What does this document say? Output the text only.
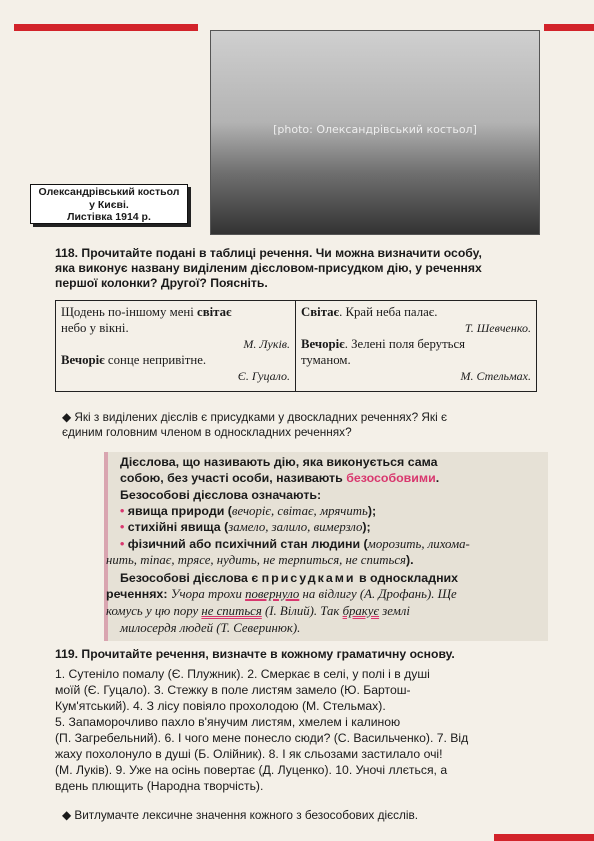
[photo: Олександрівський костьол]
Олександрівський костьол
у Києві.
Листівка 1914 р.
118. Прочитайте подані в таблиці речення. Чи можна визначити особу,
яка виконує названу виділеним дієсловом-присудком дію, у реченнях
першої колонки? Другої? Поясніть.
Щодень по-іншому мені світає
небо у вікні.
М. Луків.
Вечоріє сонце непривітне.
Є. Гуцало.
Світає. Край неба палає.
Т. Шевченко.
Вечоріє. Зелені поля беруться
туманом.
М. Стельмах.
◆ Які з виділених дієслів є присудками у двоскладних реченнях? Які є
єдиним головним членом в односкладних реченнях?
Дієслова, що називають дію, яка виконується сама
собою, без участі особи, називають безособовими.
Безособові дієслова означають:
• явища природи (вечоріє, світає, мрячить);
• стихійні явища (замело, залило, вимерзло);
• фізичний або психічний стан людини (морозить, лихома-
нить, тіпає, трясе, нудить, не терпиться, не спиться).
Безособові дієслова є присудками в односкладних
реченнях: Учора трохи повернуло на відлигу (А. Дрофань). Ще
комусь у цю пору не спиться (І. Вілий). Так бракує землі
милосердя людей (Т. Северинюк).
119. Прочитайте речення, визначте в кожному граматичну основу.
1. Сутеніло помалу (Є. Плужник). 2. Смеркає в селі, у полі і в душі
моїй (Є. Гуцало). 3. Стежку в поле листям замело (Ю. Бартош-
Кум'ятський). 4. З лісу повіяло прохолодою (М. Стельмах).
5. Запаморочливо пахло в'янучим листям, хмелем і калиною
(П. Загребельний). 6. І чого мене понесло сюди? (С. Васильченко). 7. Від
жаху похолонуло в душі (Б. Олійник). 8. І як сльозами застилало очі!
(М. Луків). 9. Уже на осінь повертає (Д. Луценко). 10. Уночі ллється, а
вдень плющить (Народна творчість).
◆ Витлумачте лексичне значення кожного з безособових дієслів.
